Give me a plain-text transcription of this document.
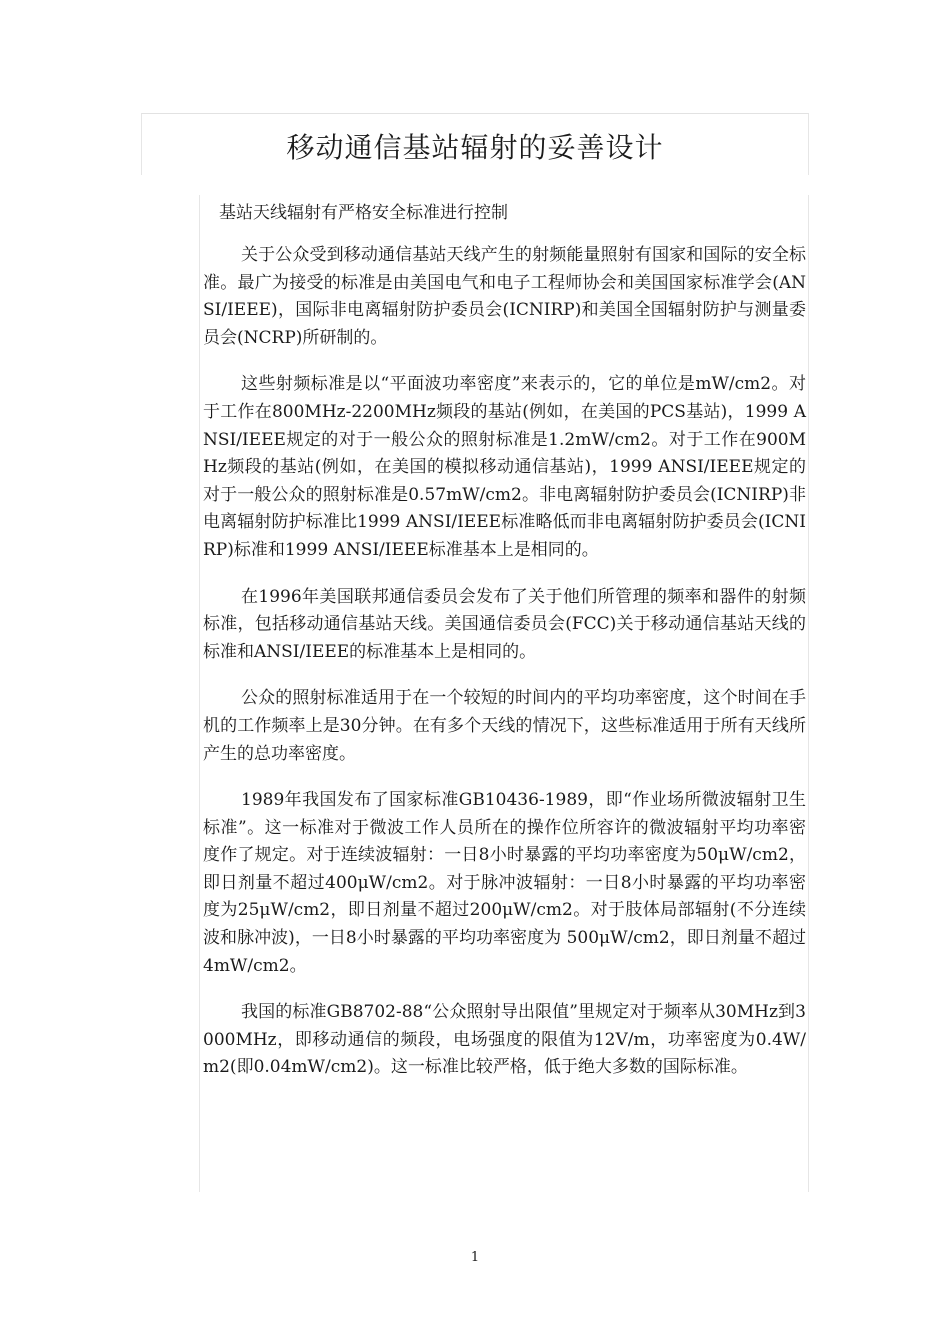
移动通信基站辐射的妥善设计

基站天线辐射有严格安全标准进行控制

关于公众受到移动通信基站天线产生的射频能量照射有国家和国际的安全标准。最广为接受的标准是由美国电气和电子工程师协会和美国国家标准学会(ANSI/IEEE)，国际非电离辐射防护委员会(ICNIRP)和美国全国辐射防护与测量委员会(NCRP)所研制的。

这些射频标准是以“平面波功率密度”来表示的，它的单位是mW/cm2。对于工作在800MHz-2200MHz频段的基站(例如，在美国的PCS基站)，1999 ANSI/IEEE规定的对于一般公众的照射标准是1.2mW/cm2。对于工作在900MHz频段的基站(例如，在美国的模拟移动通信基站)，1999 ANSI/IEEE规定的对于一般公众的照射标准是0.57mW/cm2。非电离辐射防护委员会(ICNIRP)非电离辐射防护标准比1999 ANSI/IEEE标准略低而非电离辐射防护委员会(ICNIRP)标准和1999 ANSI/IEEE标准基本上是相同的。

在1996年美国联邦通信委员会发布了关于他们所管理的频率和器件的射频标准，包括移动通信基站天线。美国通信委员会(FCC)关于移动通信基站天线的标准和ANSI/IEEE的标准基本上是相同的。

公众的照射标准适用于在一个较短的时间内的平均功率密度，这个时间在手机的工作频率上是30分钟。在有多个天线的情况下，这些标准适用于所有天线所产生的总功率密度。

1989年我国发布了国家标准GB10436-1989，即“作业场所微波辐射卫生标准”。这一标准对于微波工作人员所在的操作位所容许的微波辐射平均功率密度作了规定。对于连续波辐射：一日8小时暴露的平均功率密度为50μW/cm2，即日剂量不超过400μW/cm2。对于脉冲波辐射：一日8小时暴露的平均功率密度为25μW/cm2，即日剂量不超过200μW/cm2。对于肢体局部辐射(不分连续波和脉冲波)，一日8小时暴露的平均功率密度为 500μW/cm2，即日剂量不超过4mW/cm2。

我国的标准GB8702-88“公众照射导出限值”里规定对于频率从30MHz到3000MHz，即移动通信的频段，电场强度的限值为12V/m，功率密度为0.4W/m2(即0.04mW/cm2)。这一标准比较严格，低于绝大多数的国际标准。

1
